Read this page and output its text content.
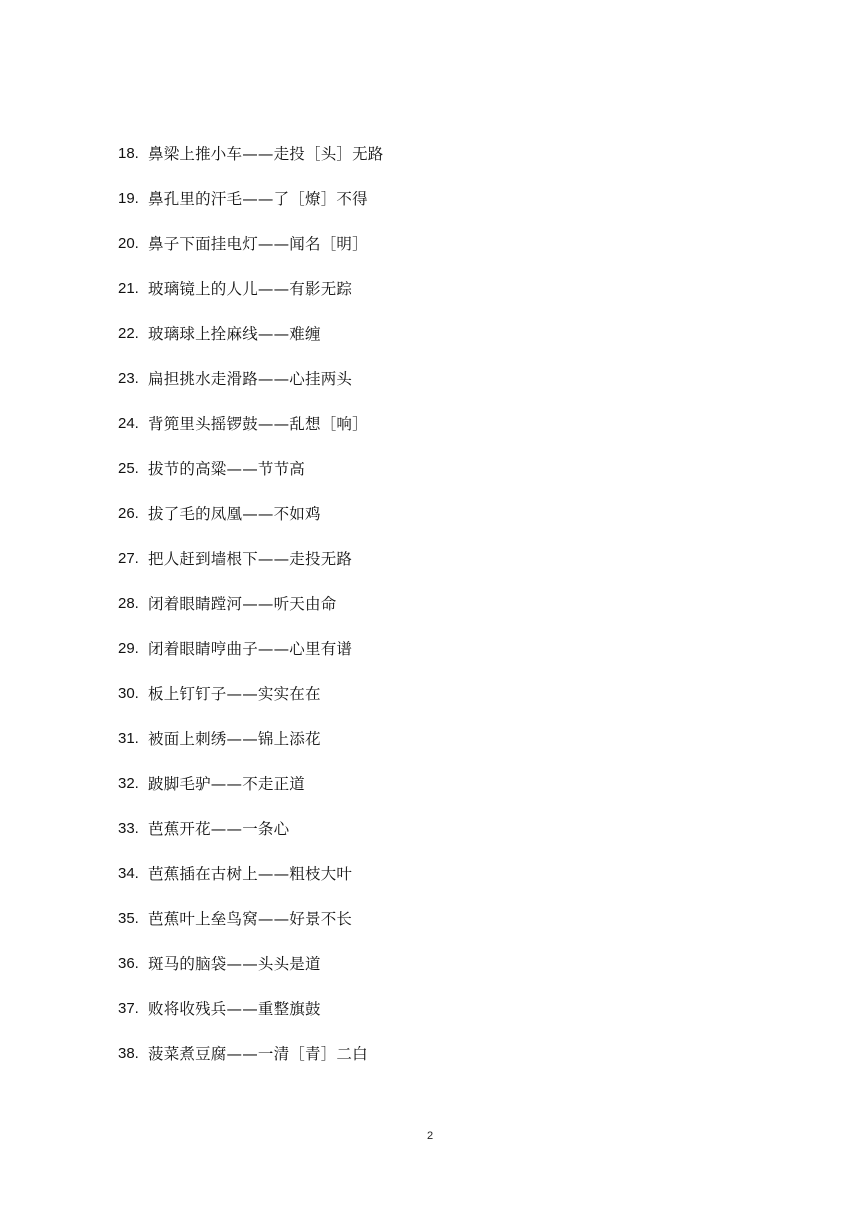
18. 鼻梁上推小车——走投［头］无路
19. 鼻孔里的汗毛——了［燎］不得
20. 鼻子下面挂电灯——闻名［明］
21. 玻璃镜上的人儿——有影无踪
22. 玻璃球上拴麻线——难缠
23. 扁担挑水走滑路——心挂两头
24. 背篼里头摇锣鼓——乱想［响］
25. 拔节的高粱——节节高
26. 拔了毛的凤凰——不如鸡
27. 把人赶到墙根下——走投无路
28. 闭着眼睛蹚河——听天由命
29. 闭着眼睛哼曲子——心里有谱
30. 板上钉钉子——实实在在
31. 被面上刺绣——锦上添花
32. 跛脚毛驴——不走正道
33. 芭蕉开花——一条心
34. 芭蕉插在古树上——粗枝大叶
35. 芭蕉叶上垒鸟窝——好景不长
36. 斑马的脑袋——头头是道
37. 败将收残兵——重整旗鼓
38. 菠菜煮豆腐——一清［青］二白
2
